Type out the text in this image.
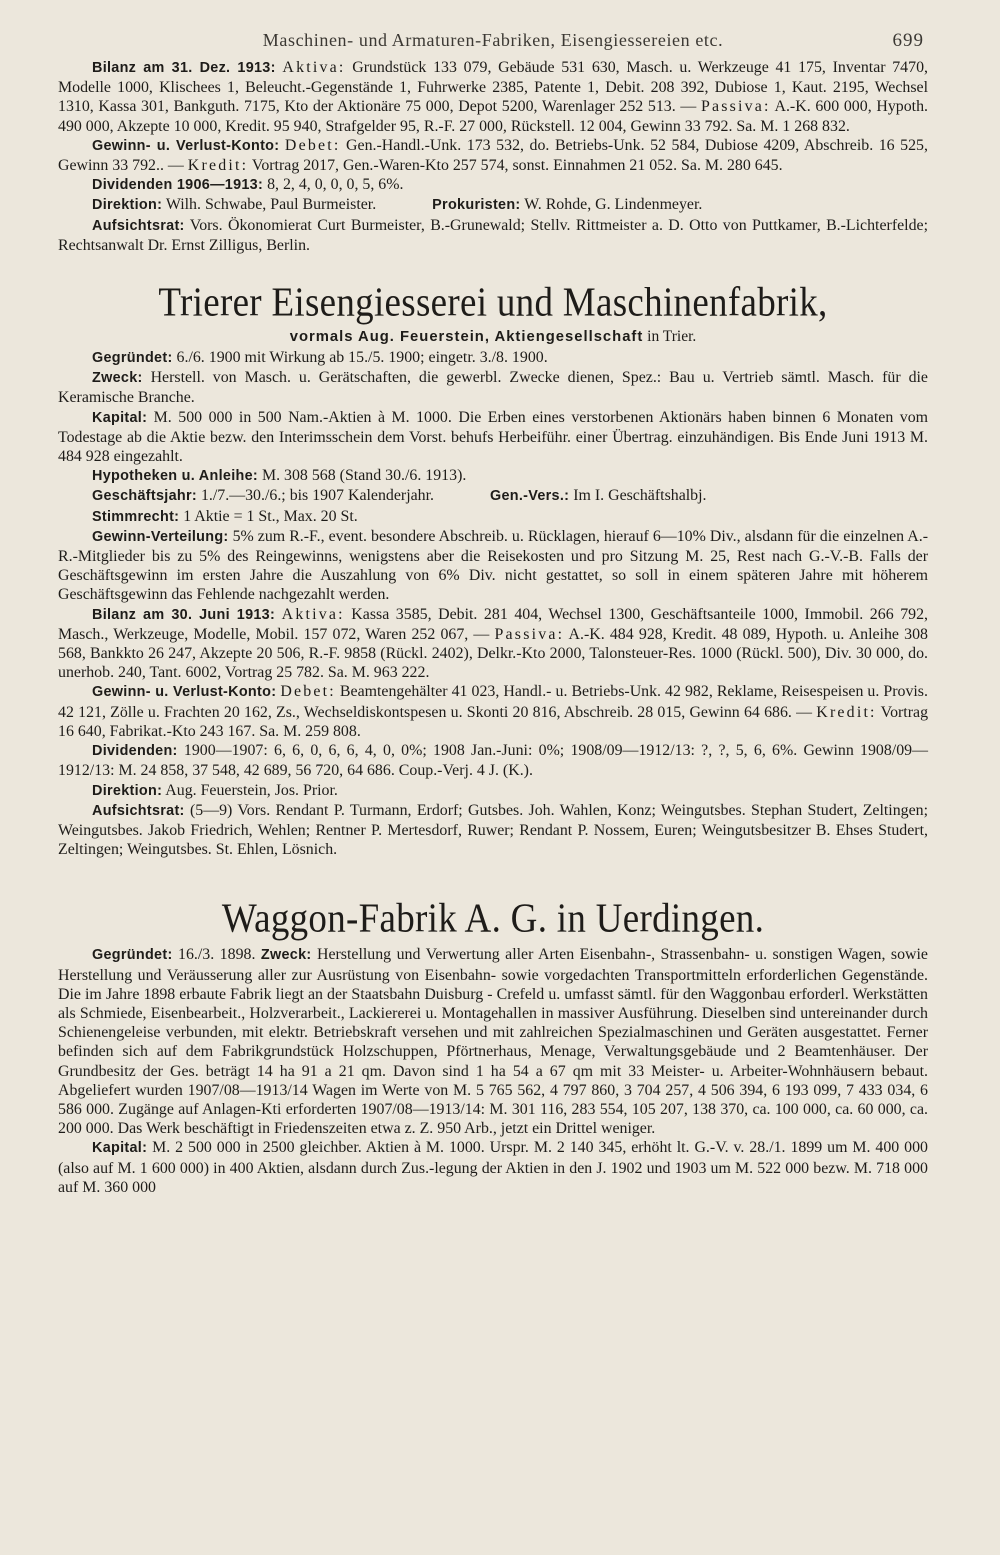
Maschinen- und Armaturen-Fabriken, Eisengiessereien etc.	699

Bilanz am 31. Dez. 1913: Aktiva: Grundstück 133 079, Gebäude 531 630, Masch. u. Werkzeuge 41 175, Inventar 7470, Modelle 1000, Klischees 1, Beleucht.-Gegenstände 1, Fuhrwerke 2385, Patente 1, Debit. 208 392, Dubiose 1, Kaut. 2195, Wechsel 1310, Kassa 301, Bankguth. 7175, Kto der Aktionäre 75 000, Depot 5200, Warenlager 252 513. — Passiva: A.-K. 600 000, Hypoth. 490 000, Akzepte 10 000, Kredit. 95 940, Strafgelder 95, R.-F. 27 000, Rückstell. 12 004, Gewinn 33 792. Sa. M. 1 268 832.

Gewinn- u. Verlust-Konto: Debet: Gen.-Handl.-Unk. 173 532, do. Betriebs-Unk. 52 584, Dubiose 4209, Abschreib. 16 525, Gewinn 33 792.. — Kredit: Vortrag 2017, Gen.-Waren-Kto 257 574, sonst. Einnahmen 21 052. Sa. M. 280 645.

Dividenden 1906—1913: 8, 2, 4, 0, 0, 0, 5, 6%.

Direktion: Wilh. Schwabe, Paul Burmeister.	Prokuristen: W. Rohde, G. Lindenmeyer.

Aufsichtsrat: Vors. Ökonomierat Curt Burmeister, B.-Grunewald; Stellv. Rittmeister a. D. Otto von Puttkamer, B.-Lichterfelde; Rechtsanwalt Dr. Ernst Zilligus, Berlin.

Trierer Eisengiesserei und Maschinenfabrik,
vormals Aug. Feuerstein, Aktiengesellschaft in Trier.

Gegründet: 6./6. 1900 mit Wirkung ab 15./5. 1900; eingetr. 3./8. 1900.

Zweck: Herstell. von Masch. u. Gerätschaften, die gewerbl. Zwecke dienen, Spez.: Bau u. Vertrieb sämtl. Masch. für die Keramische Branche.

Kapital: M. 500 000 in 500 Nam.-Aktien à M. 1000. Die Erben eines verstorbenen Aktionärs haben binnen 6 Monaten vom Todestage ab die Aktie bezw. den Interimsschein dem Vorst. behufs Herbeiführ. einer Übertrag. einzuhändigen. Bis Ende Juni 1913 M. 484 928 eingezahlt.

Hypotheken u. Anleihe: M. 308 568 (Stand 30./6. 1913).

Geschäftsjahr: 1./7.—30./6.; bis 1907 Kalenderjahr.	Gen.-Vers.: Im I. Geschäftshalbj.

Stimmrecht: 1 Aktie = 1 St., Max. 20 St.

Gewinn-Verteilung: 5% zum R.-F., event. besondere Abschreib. u. Rücklagen, hierauf 6—10% Div., alsdann für die einzelnen A.-R.-Mitglieder bis zu 5% des Reingewinns, wenigstens aber die Reisekosten und pro Sitzung M. 25, Rest nach G.-V.-B. Falls der Geschäftsgewinn im ersten Jahre die Auszahlung von 6% Div. nicht gestattet, so soll in einem späteren Jahre mit höherem Geschäftsgewinn das Fehlende nachgezahlt werden.

Bilanz am 30. Juni 1913: Aktiva: Kassa 3585, Debit. 281 404, Wechsel 1300, Geschäftsanteile 1000, Immobil. 266 792, Masch., Werkzeuge, Modelle, Mobil. 157 072, Waren 252 067, — Passiva: A.-K. 484 928, Kredit. 48 089, Hypoth. u. Anleihe 308 568, Bankkto 26 247, Akzepte 20 506, R.-F. 9858 (Rückl. 2402), Delkr.-Kto 2000, Talonsteuer-Res. 1000 (Rückl. 500), Div. 30 000, do. unerhob. 240, Tant. 6002, Vortrag 25 782. Sa. M. 963 222.

Gewinn- u. Verlust-Konto: Debet: Beamtengehälter 41 023, Handl.- u. Betriebs-Unk. 42 982, Reklame, Reisespeisen u. Provis. 42 121, Zölle u. Frachten 20 162, Zs., Wechseldiskontspesen u. Skonti 20 816, Abschreib. 28 015, Gewinn 64 686. — Kredit: Vortrag 16 640, Fabrikat.-Kto 243 167. Sa. M. 259 808.

Dividenden: 1900—1907: 6, 6, 0, 6, 6, 4, 0, 0%; 1908 Jan.-Juni: 0%; 1908/09—1912/13: ?, ?, 5, 6, 6%. Gewinn 1908/09—1912/13: M. 24 858, 37 548, 42 689, 56 720, 64 686. Coup.-Verj. 4 J. (K.).

Direktion: Aug. Feuerstein, Jos. Prior.

Aufsichtsrat: (5—9) Vors. Rendant P. Turmann, Erdorf; Gutsbes. Joh. Wahlen, Konz; Weingutsbes. Stephan Studert, Zeltingen; Weingutsbes. Jakob Friedrich, Wehlen; Rentner P. Mertesdorf, Ruwer; Rendant P. Nossem, Euren; Weingutsbesitzer B. Ehses Studert, Zeltingen; Weingutsbes. St. Ehlen, Lösnich.

Waggon-Fabrik A. G. in Uerdingen.

Gegründet: 16./3. 1898. Zweck: Herstellung und Verwertung aller Arten Eisenbahn-, Strassenbahn- u. sonstigen Wagen, sowie Herstellung und Veräusserung aller zur Ausrüstung von Eisenbahn- sowie vorgedachten Transportmitteln erforderlichen Gegenstände. Die im Jahre 1898 erbaute Fabrik liegt an der Staatsbahn Duisburg - Crefeld u. umfasst sämtl. für den Waggonbau erforderl. Werkstätten als Schmiede, Eisenbearbeit., Holzverarbeit., Lackiererei u. Montagehallen in massiver Ausführung. Dieselben sind untereinander durch Schienengeleise verbunden, mit elektr. Betriebskraft versehen und mit zahlreichen Spezialmaschinen und Geräten ausgestattet. Ferner befinden sich auf dem Fabrikgrundstück Holzschuppen, Pförtnerhaus, Menage, Verwaltungsgebäude und 2 Beamtenhäuser. Der Grundbesitz der Ges. beträgt 14 ha 91 a 21 qm. Davon sind 1 ha 54 a 67 qm mit 33 Meister- u. Arbeiter-Wohnhäusern bebaut. Abgeliefert wurden 1907/08—1913/14 Wagen im Werte von M. 5 765 562, 4 797 860, 3 704 257, 4 506 394, 6 193 099, 7 433 034, 6 586 000. Zugänge auf Anlagen-Kti erforderten 1907/08—1913/14: M. 301 116, 283 554, 105 207, 138 370, ca. 100 000, ca. 60 000, ca. 200 000. Das Werk beschäftigt in Friedenszeiten etwa z. Z. 950 Arb., jetzt ein Drittel weniger.

Kapital: M. 2 500 000 in 2500 gleichber. Aktien à M. 1000. Urspr. M. 2 140 345, erhöht lt. G.-V. v. 28./1. 1899 um M. 400 000 (also auf M. 1 600 000) in 400 Aktien, alsdann durch Zus.-legung der Aktien in den J. 1902 und 1903 um M. 522 000 bezw. M. 718 000 auf M. 360 000
